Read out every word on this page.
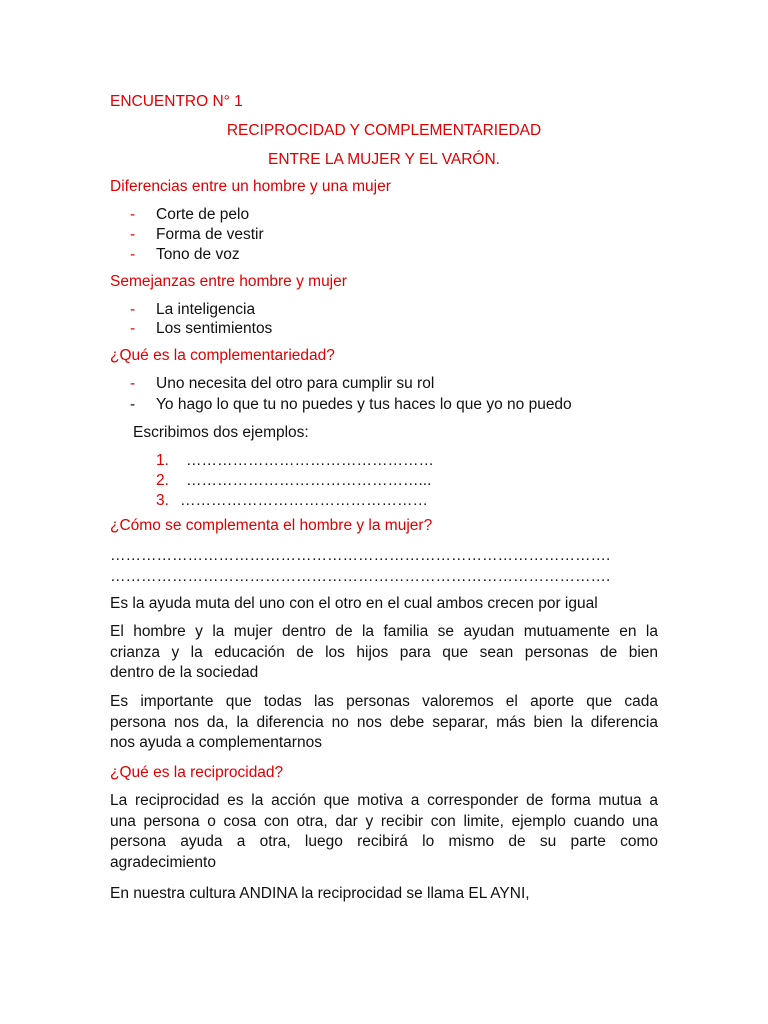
ENCUENTRO N° 1
RECIPROCIDAD Y COMPLEMENTARIEDAD
ENTRE LA MUJER Y EL VARÓN.
Diferencias entre un hombre y una mujer
- Corte de pelo
- Forma de vestir
- Tono de voz
Semejanzas entre hombre y mujer
- La inteligencia
- Los sentimientos
¿Qué es la complementariedad?
- Uno necesita del otro para cumplir su rol
- Yo hago lo que tu no puedes y tus haces lo que yo no puedo
Escribimos dos ejemplos:
1. …………………………………………
2. ………………………………………...
3. …………………………………………
¿Cómo se complementa el hombre y la mujer?
…………………………………………………………………………………….
…………………………………………………………………………………….
Es la ayuda muta del uno con el otro en el cual ambos crecen por igual
El hombre y la mujer dentro de la familia se ayudan mutuamente en la
crianza y la educación de los hijos para que sean personas de bien
dentro de la sociedad
Es importante que todas las personas valoremos el aporte que cada
persona nos da, la diferencia no nos debe separar, más bien la diferencia
nos ayuda a complementarnos
¿Qué es la reciprocidad?
La reciprocidad es la acción que motiva a corresponder de forma mutua a
una persona o cosa con otra, dar y recibir con limite, ejemplo cuando una
persona ayuda a otra, luego recibirá lo mismo de su parte como
agradecimiento
En nuestra cultura ANDINA la reciprocidad se llama EL AYNI,
